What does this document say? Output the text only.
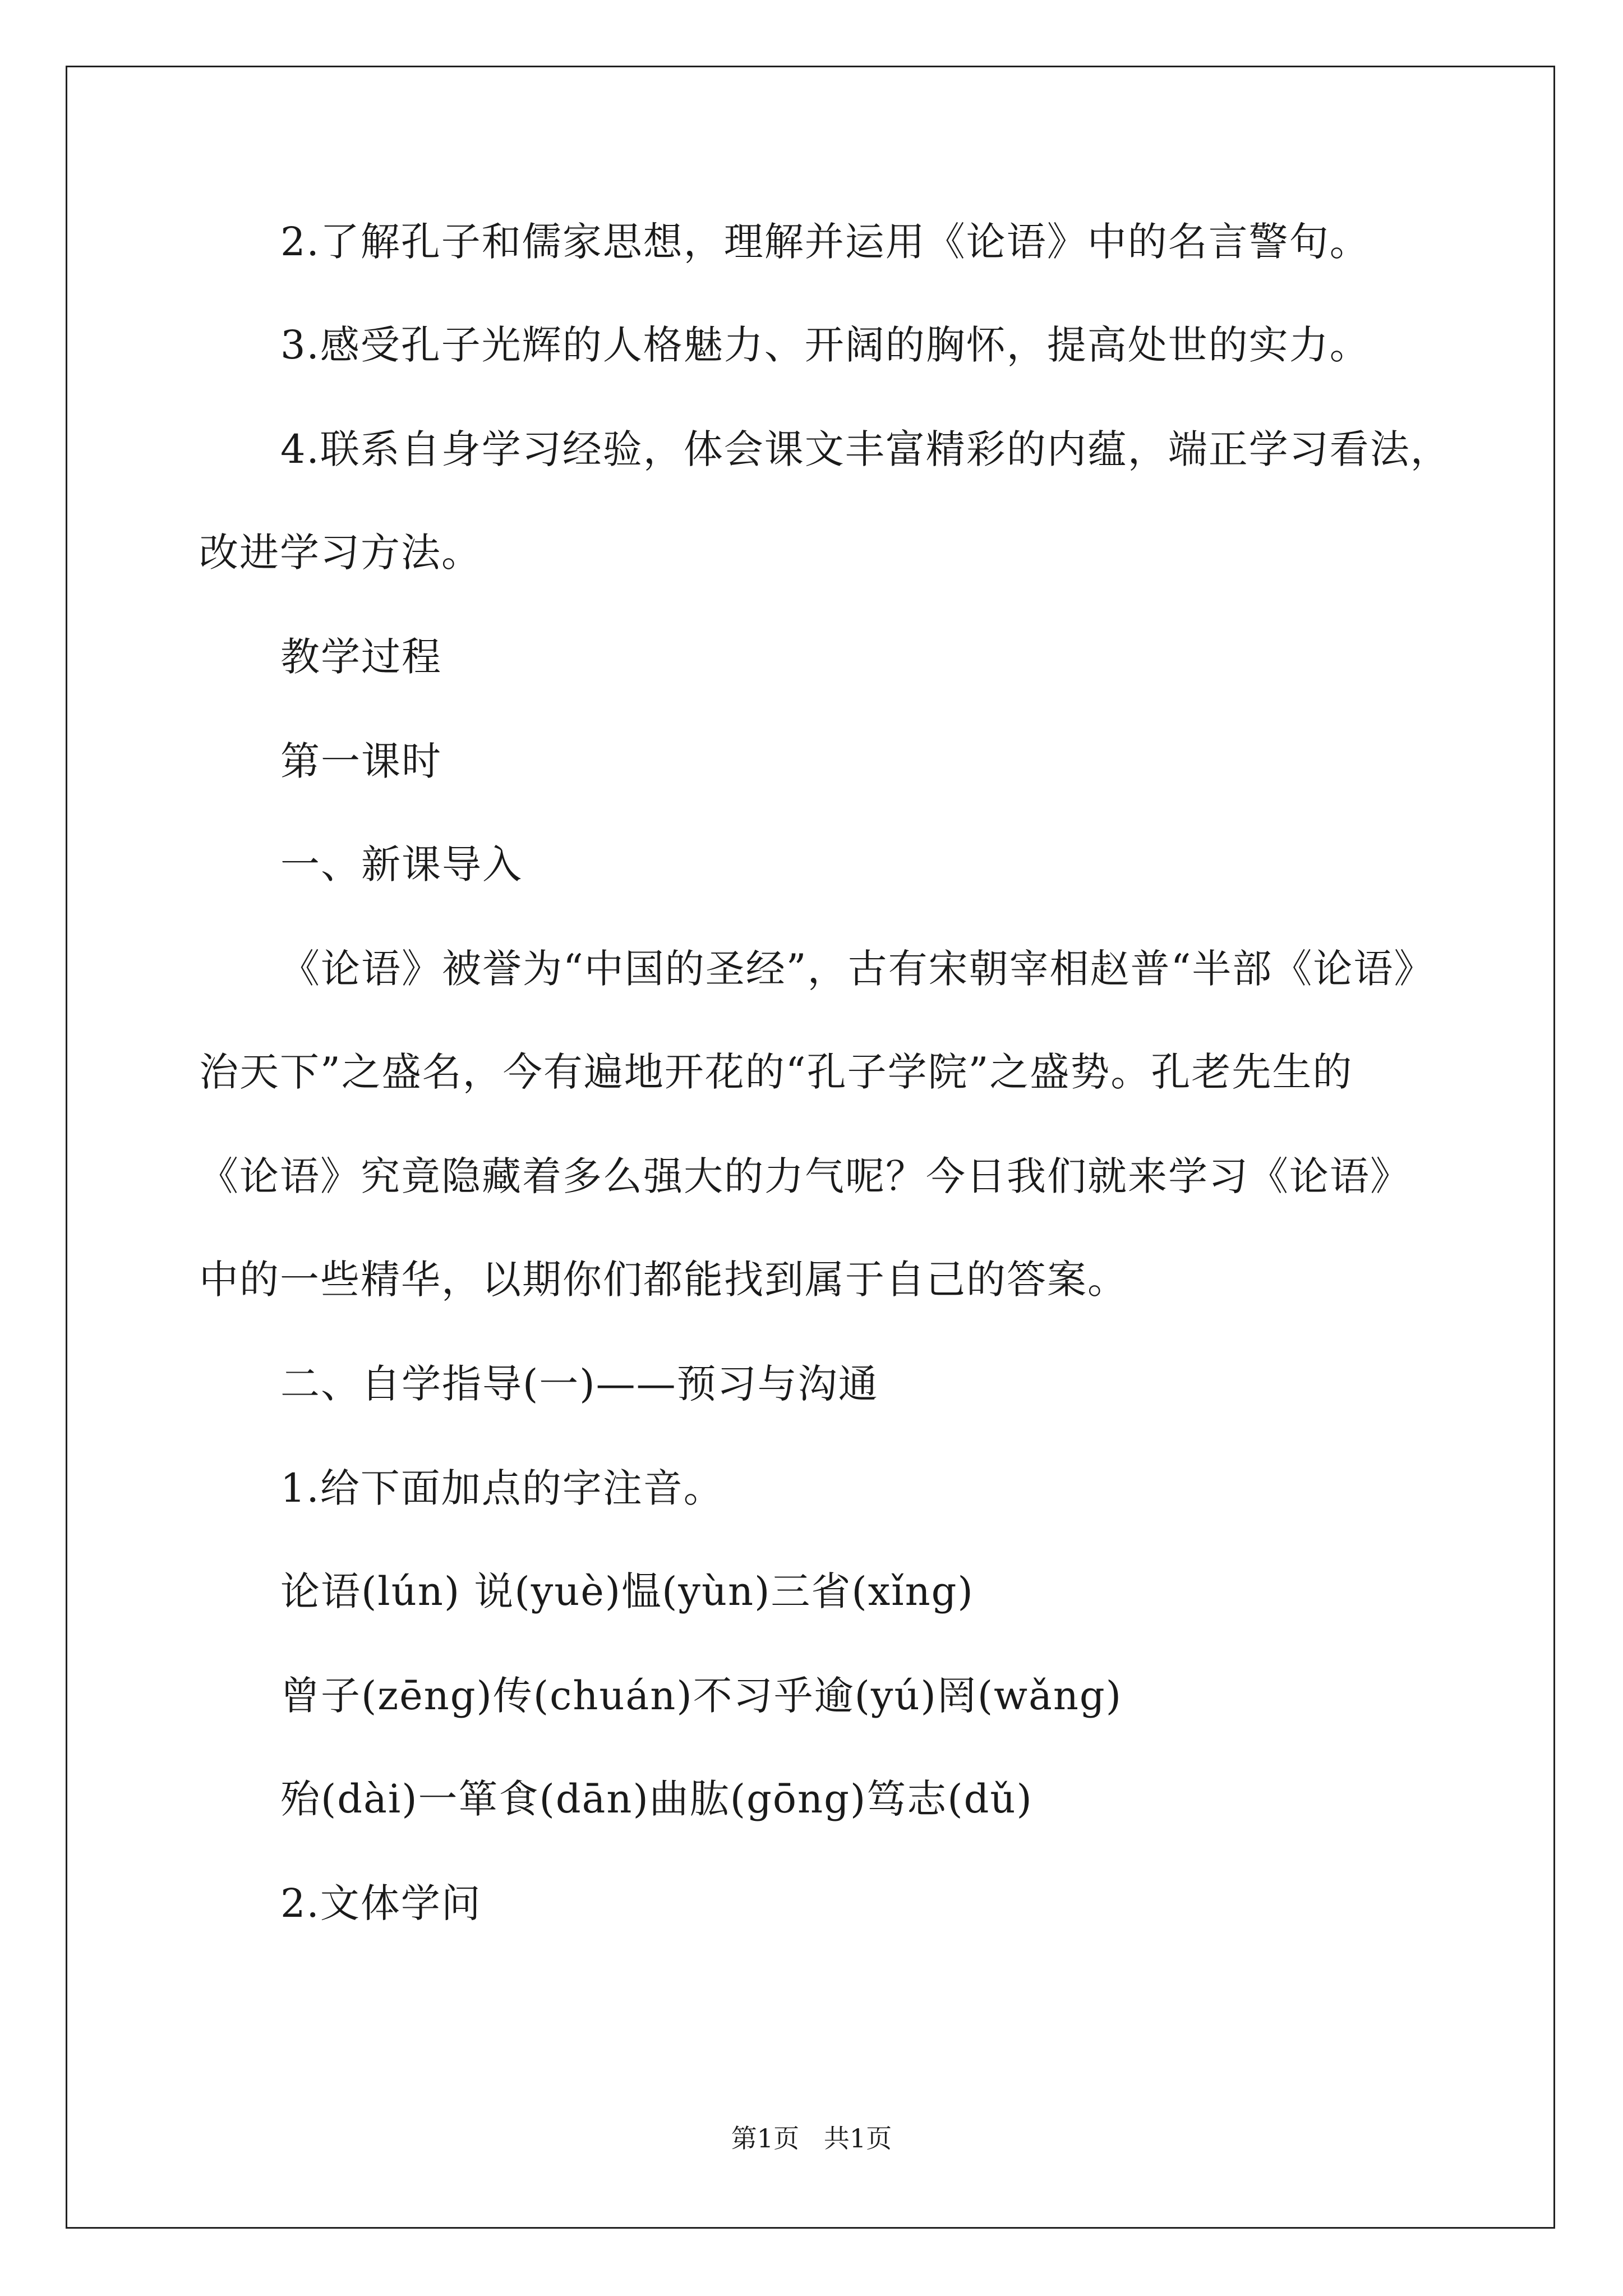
2.了解孔子和儒家思想，理解并运用《论语》中的名言警句。
3.感受孔子光辉的人格魅力、开阔的胸怀，提高处世的实力。
4.联系自身学习经验，体会课文丰富精彩的内蕴，端正学习看法，
改进学习方法。
教学过程
第一课时
一、新课导入
《论语》被誉为“中国的圣经”，古有宋朝宰相赵普“半部《论语》
治天下”之盛名，今有遍地开花的“孔子学院”之盛势。孔老先生的
《论语》究竟隐藏着多么强大的力气呢？今日我们就来学习《论语》
中的一些精华，以期你们都能找到属于自己的答案。
二、自学指导(一)——预习与沟通
1.给下面加点的字注音。
论语(lún) 说(yuè)愠(yùn)三省(xǐng)
曾子(zēng)传(chuán)不习乎逾(yú)罔(wǎng)
殆(dài)一箪食(dān)曲肱(gōng)笃志(dǔ)
2.文体学问
第1页   共1页
